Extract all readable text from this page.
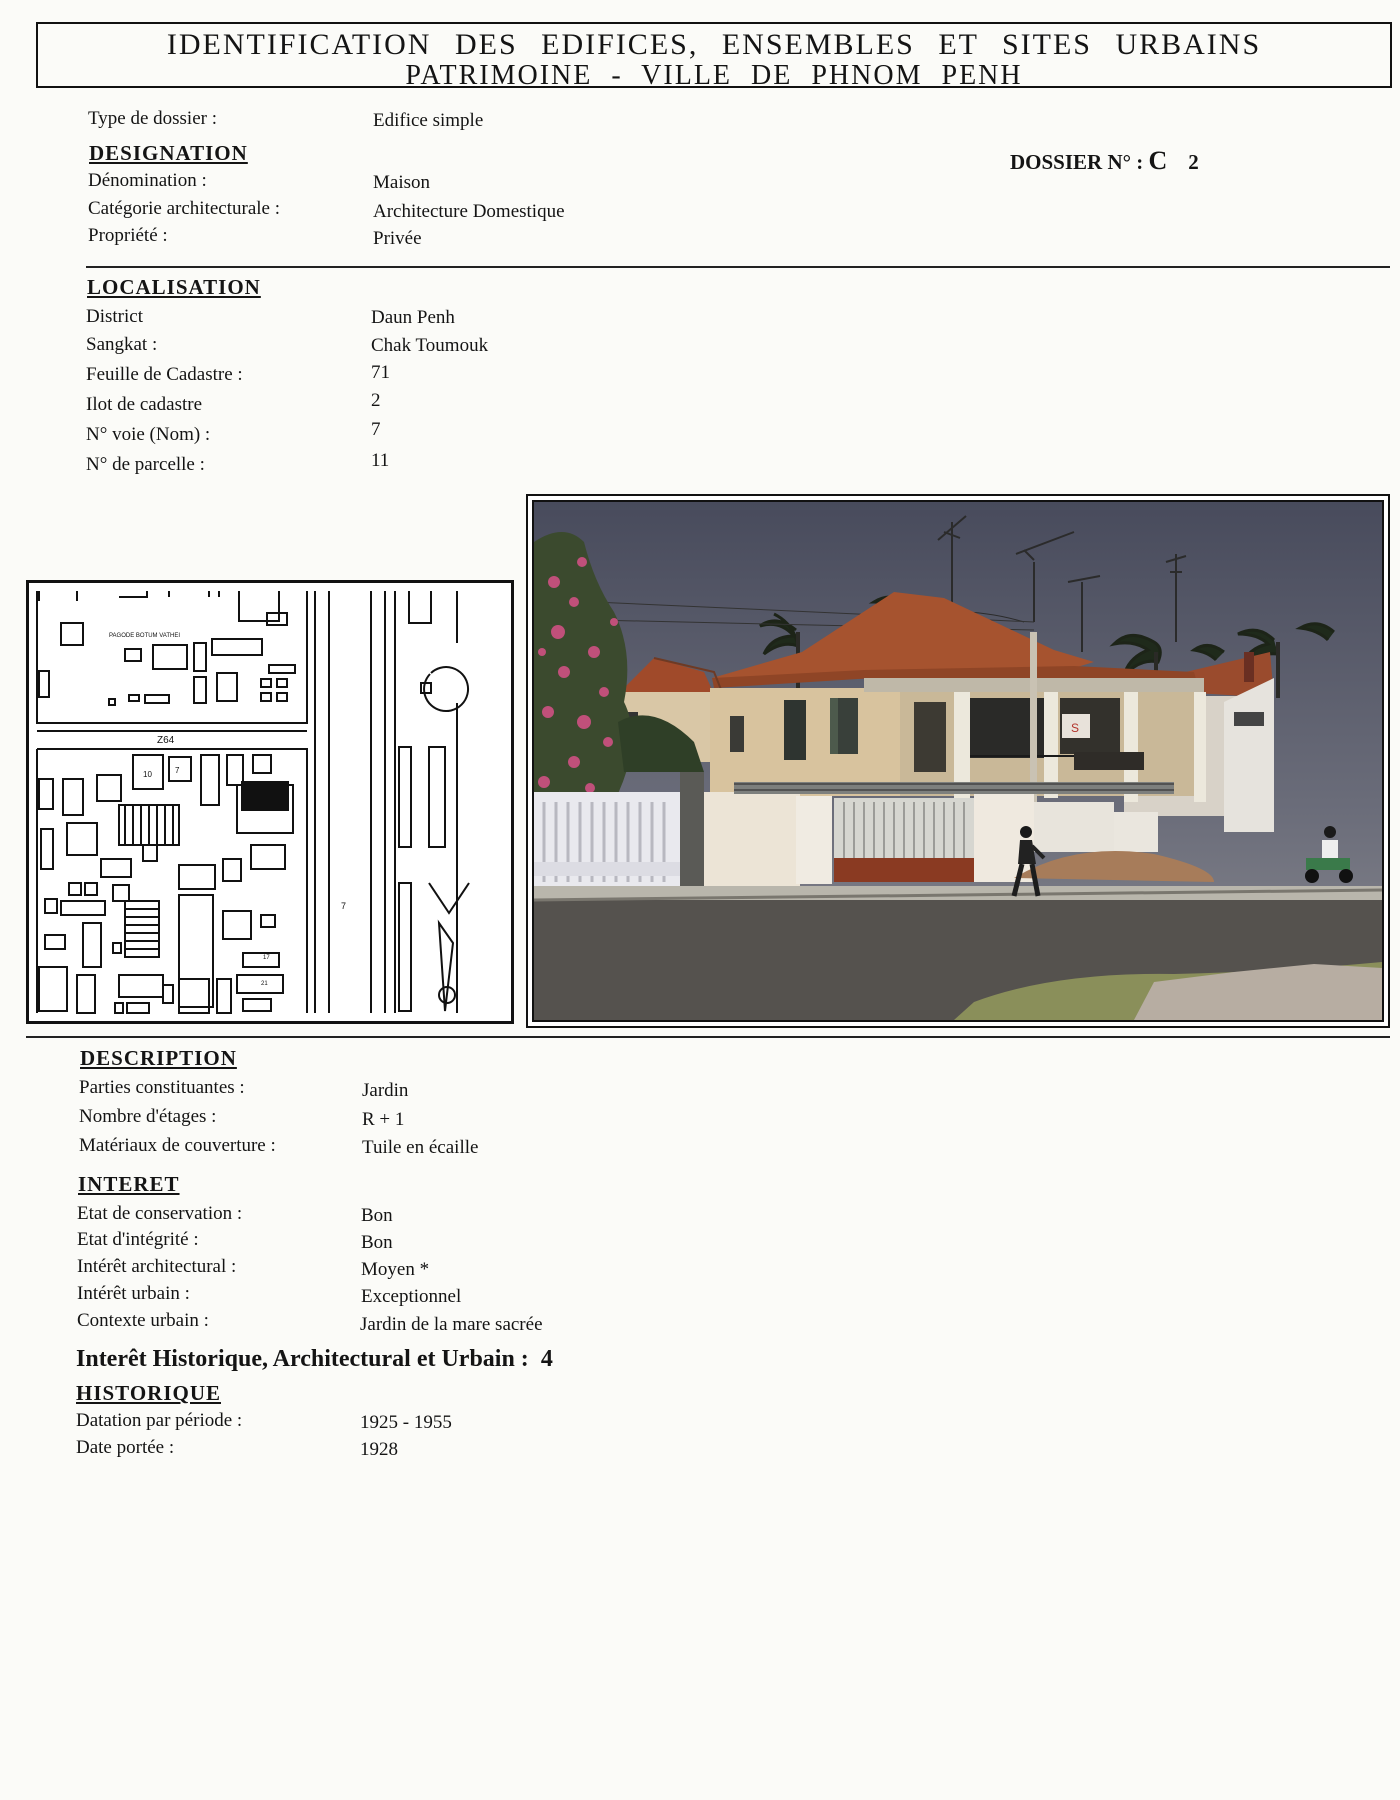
IDENTIFICATION DES EDIFICES, ENSEMBLES ET SITES URBAINS
PATRIMOINE - VILLE DE PHNOM PENH
Type de dossier :	Edifice simple
DOSSIER N° : C 2
DESIGNATION
Dénomination :	Maison
Catégorie architecturale :	Architecture Domestique
Propriété :	Privée
LOCALISATION
District	Daun Penh
Sangkat :	Chak Toumouk
Feuille de Cadastre :	71
Ilot de cadastre	2
N° voie (Nom) :	7
N° de parcelle :	11
PAGODE BOTUM VATHEI
Z64
10	7
7
17
21
S
DESCRIPTION
Parties constituantes :	Jardin
Nombre d'étages :	R + 1
Matériaux de couverture :	Tuile en écaille
INTERET
Etat de conservation :	Bon
Etat d'intégrité :	Bon
Intérêt architectural :	Moyen *
Intérêt urbain :	Exceptionnel
Contexte urbain :	Jardin de la mare sacrée
Interêt Historique, Architectural et Urbain : 4
HISTORIQUE
Datation par période :	1925 - 1955
Date portée :	1928
